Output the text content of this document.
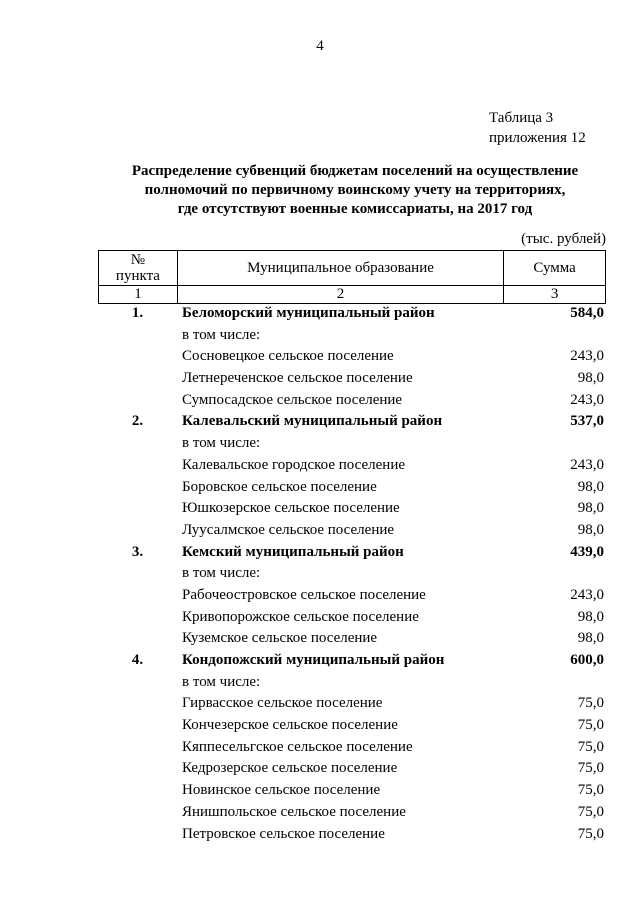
4
Таблица 3
приложения 12
Распределение субвенций бюджетам поселений на осуществление
полномочий по первичному воинскому учету на территориях,
где отсутствуют военные комиссариаты, на 2017 год
(тыс. рублей)
№
пункта	Муниципальное образование	Сумма
1	2	3
1.	Беломорский муниципальный район	584,0
в том числе:
Сосновецкое сельское поселение	243,0
Летнереченское сельское поселение	98,0
Сумпосадское сельское поселение	243,0
2.	Калевальский муниципальный район	537,0
в том числе:
Калевальское городское поселение	243,0
Боровское сельское поселение	98,0
Юшкозерское сельское поселение	98,0
Луусалмское сельское поселение	98,0
3.	Кемский муниципальный район	439,0
в том числе:
Рабочеостровское сельское поселение	243,0
Кривопорожское сельское поселение	98,0
Куземское сельское поселение	98,0
4.	Кондопожский муниципальный район	600,0
в том числе:
Гирвасское сельское поселение	75,0
Кончезерское сельское поселение	75,0
Кяппесельгское сельское поселение	75,0
Кедрозерское сельское поселение	75,0
Новинское сельское поселение	75,0
Янишпольское сельское поселение	75,0
Петровское сельское поселение	75,0
